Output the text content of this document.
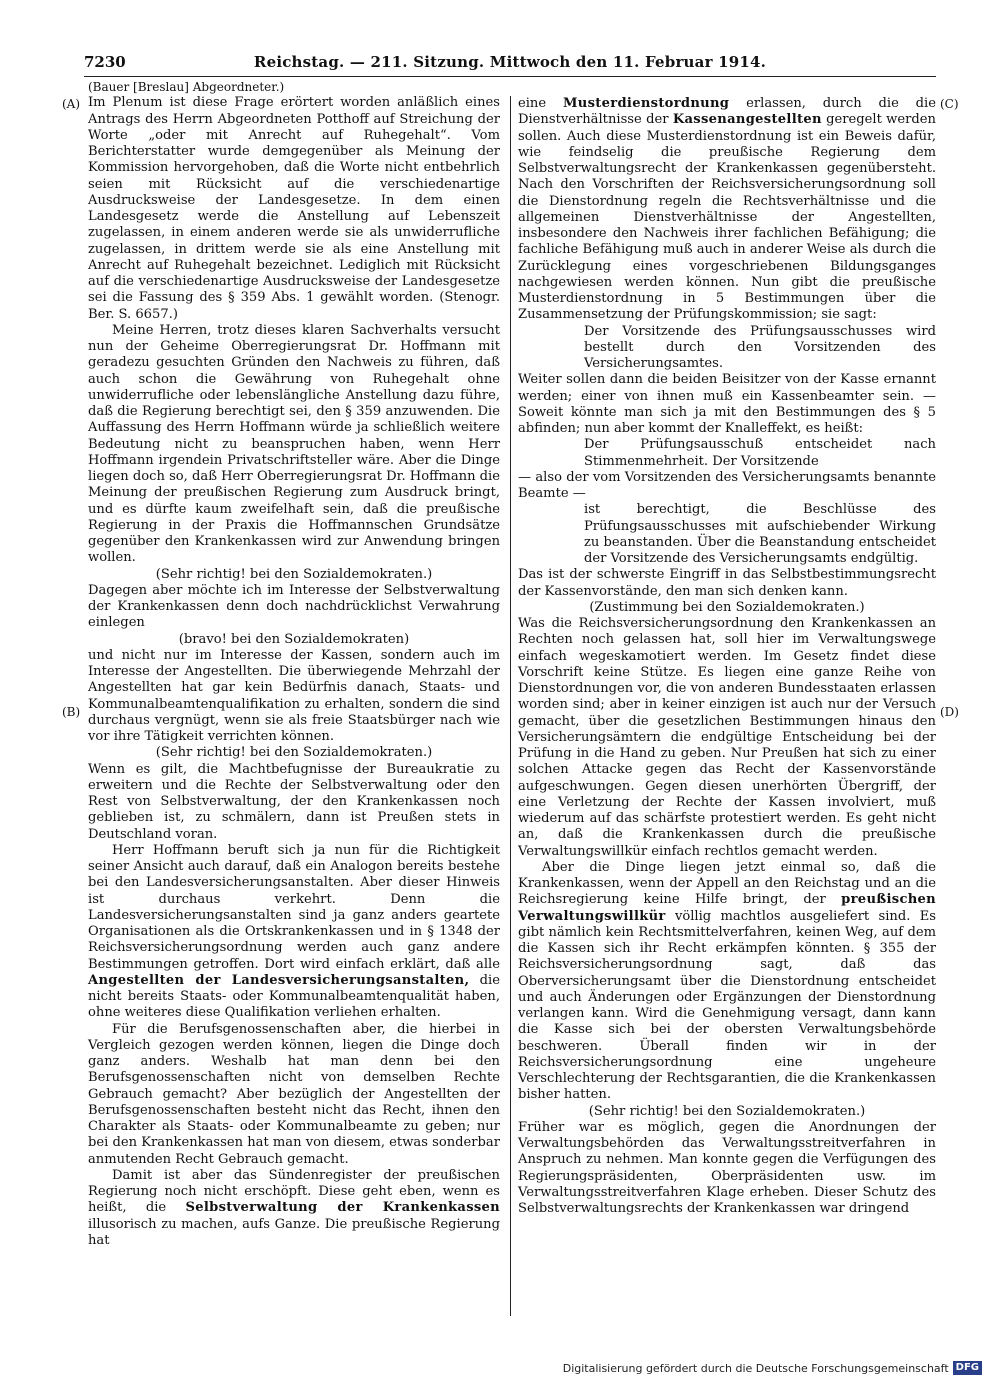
7230	Reichstag. — 211. Sitzung. Mittwoch den 11. Februar 1914.
(A)
(B)
(C)
(D)

(Bauer [Breslau] Abgeordneter.)

Im Plenum ist diese Frage erörtert worden anläßlich eines Antrags des Herrn Abgeordneten Potthoff auf Streichung der Worte „oder mit Anrecht auf Ruhegehalt“. Vom Berichterstatter wurde demgegenüber als Meinung der Kommission hervorgehoben, daß die Worte nicht entbehrlich seien mit Rücksicht auf die verschiedenartige Ausdrucksweise der Landesgesetze. In dem einen Landesgesetz werde die Anstellung auf Lebenszeit zugelassen, in einem anderen werde sie als unwiderrufliche zugelassen, in drittem werde sie als eine Anstellung mit Anrecht auf Ruhegehalt bezeichnet. Lediglich mit Rücksicht auf die verschiedenartige Ausdrucksweise der Landesgesetze sei die Fassung des § 359 Abs. 1 gewählt worden. (Stenogr. Ber. S. 6657.)

Meine Herren, trotz dieses klaren Sachverhalts versucht nun der Geheime Oberregierungsrat Dr. Hoffmann mit geradezu gesuchten Gründen den Nachweis zu führen, daß auch schon die Gewährung von Ruhegehalt ohne unwiderrufliche oder lebenslängliche Anstellung dazu führe, daß die Regierung berechtigt sei, den § 359 anzuwenden. Die Auffassung des Herrn Hoffmann würde ja schließlich weitere Bedeutung nicht zu beanspruchen haben, wenn Herr Hoffmann irgendein Privatschriftsteller wäre. Aber die Dinge liegen doch so, daß Herr Oberregierungsrat Dr. Hoffmann die Meinung der preußischen Regierung zum Ausdruck bringt, und es dürfte kaum zweifelhaft sein, daß die preußische Regierung in der Praxis die Hoffmannschen Grundsätze gegenüber den Krankenkassen wird zur Anwendung bringen wollen.

(Sehr richtig! bei den Sozialdemokraten.)

Dagegen aber möchte ich im Interesse der Selbstverwaltung der Krankenkassen denn doch nachdrücklichst Verwahrung einlegen

(bravo! bei den Sozialdemokraten)

und nicht nur im Interesse der Kassen, sondern auch im Interesse der Angestellten. Die überwiegende Mehrzahl der Angestellten hat gar kein Bedürfnis danach, Staats- und Kommunalbeamtenqualifikation zu erhalten, sondern die sind durchaus vergnügt, wenn sie als freie Staatsbürger nach wie vor ihre Tätigkeit verrichten können.

(Sehr richtig! bei den Sozialdemokraten.)

Wenn es gilt, die Machtbefugnisse der Bureaukratie zu erweitern und die Rechte der Selbstverwaltung oder den Rest von Selbstverwaltung, der den Krankenkassen noch geblieben ist, zu schmälern, dann ist Preußen stets in Deutschland voran.

Herr Hoffmann beruft sich ja nun für die Richtigkeit seiner Ansicht auch darauf, daß ein Analogon bereits bestehe bei den Landesversicherungsanstalten. Aber dieser Hinweis ist durchaus verkehrt. Denn die Landesversicherungsanstalten sind ja ganz anders geartete Organisationen als die Ortskrankenkassen und in § 1348 der Reichsversicherungsordnung werden auch ganz andere Bestimmungen getroffen. Dort wird einfach erklärt, daß alle Angestellten der Landesversicherungsanstalten, die nicht bereits Staats- oder Kommunalbeamtenqualität haben, ohne weiteres diese Qualifikation verliehen erhalten.

Für die Berufsgenossenschaften aber, die hierbei in Vergleich gezogen werden können, liegen die Dinge doch ganz anders. Weshalb hat man denn bei den Berufsgenossenschaften nicht von demselben Rechte Gebrauch gemacht? Aber bezüglich der Angestellten der Berufsgenossenschaften besteht nicht das Recht, ihnen den Charakter als Staats- oder Kommunalbeamte zu geben; nur bei den Krankenkassen hat man von diesem, etwas sonderbar anmutenden Recht Gebrauch gemacht.

Damit ist aber das Sündenregister der preußischen Regierung noch nicht erschöpft. Diese geht eben, wenn es heißt, die Selbstverwaltung der Krankenkassen illusorisch zu machen, aufs Ganze. Die preußische Regierung hat

eine Musterdienstordnung erlassen, durch die die Dienstverhältnisse der Kassenangestellten geregelt werden sollen. Auch diese Musterdienstordnung ist ein Beweis dafür, wie feindselig die preußische Regierung dem Selbstverwaltungsrecht der Krankenkassen gegenübersteht. Nach den Vorschriften der Reichsversicherungsordnung soll die Dienstordnung regeln die Rechtsverhältnisse und die allgemeinen Dienstverhältnisse der Angestellten, insbesondere den Nachweis ihrer fachlichen Befähigung; die fachliche Befähigung muß auch in anderer Weise als durch die Zurücklegung eines vorgeschriebenen Bildungsganges nachgewiesen werden können. Nun gibt die preußische Musterdienstordnung in 5 Bestimmungen über die Zusammensetzung der Prüfungskommission; sie sagt:

Der Vorsitzende des Prüfungsausschusses wird bestellt durch den Vorsitzenden des Versicherungsamtes.

Weiter sollen dann die beiden Beisitzer von der Kasse ernannt werden; einer von ihnen muß ein Kassenbeamter sein. — Soweit könnte man sich ja mit den Bestimmungen des § 5 abfinden; nun aber kommt der Knalleffekt, es heißt:

Der Prüfungsausschuß entscheidet nach Stimmenmehrheit. Der Vorsitzende

— also der vom Vorsitzenden des Versicherungsamts benannte Beamte —

ist berechtigt, die Beschlüsse des Prüfungsausschusses mit aufschiebender Wirkung zu beanstanden. Über die Beanstandung entscheidet der Vorsitzende des Versicherungsamts endgültig.

Das ist der schwerste Eingriff in das Selbstbestimmungsrecht der Kassenvorstände, den man sich denken kann.

(Zustimmung bei den Sozialdemokraten.)

Was die Reichsversicherungsordnung den Krankenkassen an Rechten noch gelassen hat, soll hier im Verwaltungswege einfach wegeskamotiert werden. Im Gesetz findet diese Vorschrift keine Stütze. Es liegen eine ganze Reihe von Dienstordnungen vor, die von anderen Bundesstaaten erlassen worden sind; aber in keiner einzigen ist auch nur der Versuch gemacht, über die gesetzlichen Bestimmungen hinaus den Versicherungsämtern die endgültige Entscheidung bei der Prüfung in die Hand zu geben. Nur Preußen hat sich zu einer solchen Attacke gegen das Recht der Kassenvorstände aufgeschwungen. Gegen diesen unerhörten Übergriff, der eine Verletzung der Rechte der Kassen involviert, muß wiederum auf das schärfste protestiert werden. Es geht nicht an, daß die Krankenkassen durch die preußische Verwaltungswillkür einfach rechtlos gemacht werden.

Aber die Dinge liegen jetzt einmal so, daß die Krankenkassen, wenn der Appell an den Reichstag und an die Reichsregierung keine Hilfe bringt, der preußischen Verwaltungswillkür völlig machtlos ausgeliefert sind. Es gibt nämlich kein Rechtsmittelverfahren, keinen Weg, auf dem die Kassen sich ihr Recht erkämpfen könnten. § 355 der Reichsversicherungsordnung sagt, daß das Oberversicherungsamt über die Dienstordnung entscheidet und auch Änderungen oder Ergänzungen der Dienstordnung verlangen kann. Wird die Genehmigung versagt, dann kann die Kasse sich bei der obersten Verwaltungsbehörde beschweren. Überall finden wir in der Reichsversicherungsordnung eine ungeheure Verschlechterung der Rechtsgarantien, die die Krankenkassen bisher hatten.

(Sehr richtig! bei den Sozialdemokraten.)

Früher war es möglich, gegen die Anordnungen der Verwaltungsbehörden das Verwaltungsstreitverfahren in Anspruch zu nehmen. Man konnte gegen die Verfügungen des Regierungspräsidenten, Oberpräsidenten usw. im Verwaltungsstreitverfahren Klage erheben. Dieser Schutz des Selbstverwaltungsrechts der Krankenkassen war dringend

Digitalisierung gefördert durch die Deutsche Forschungsgemeinschaft DFG
